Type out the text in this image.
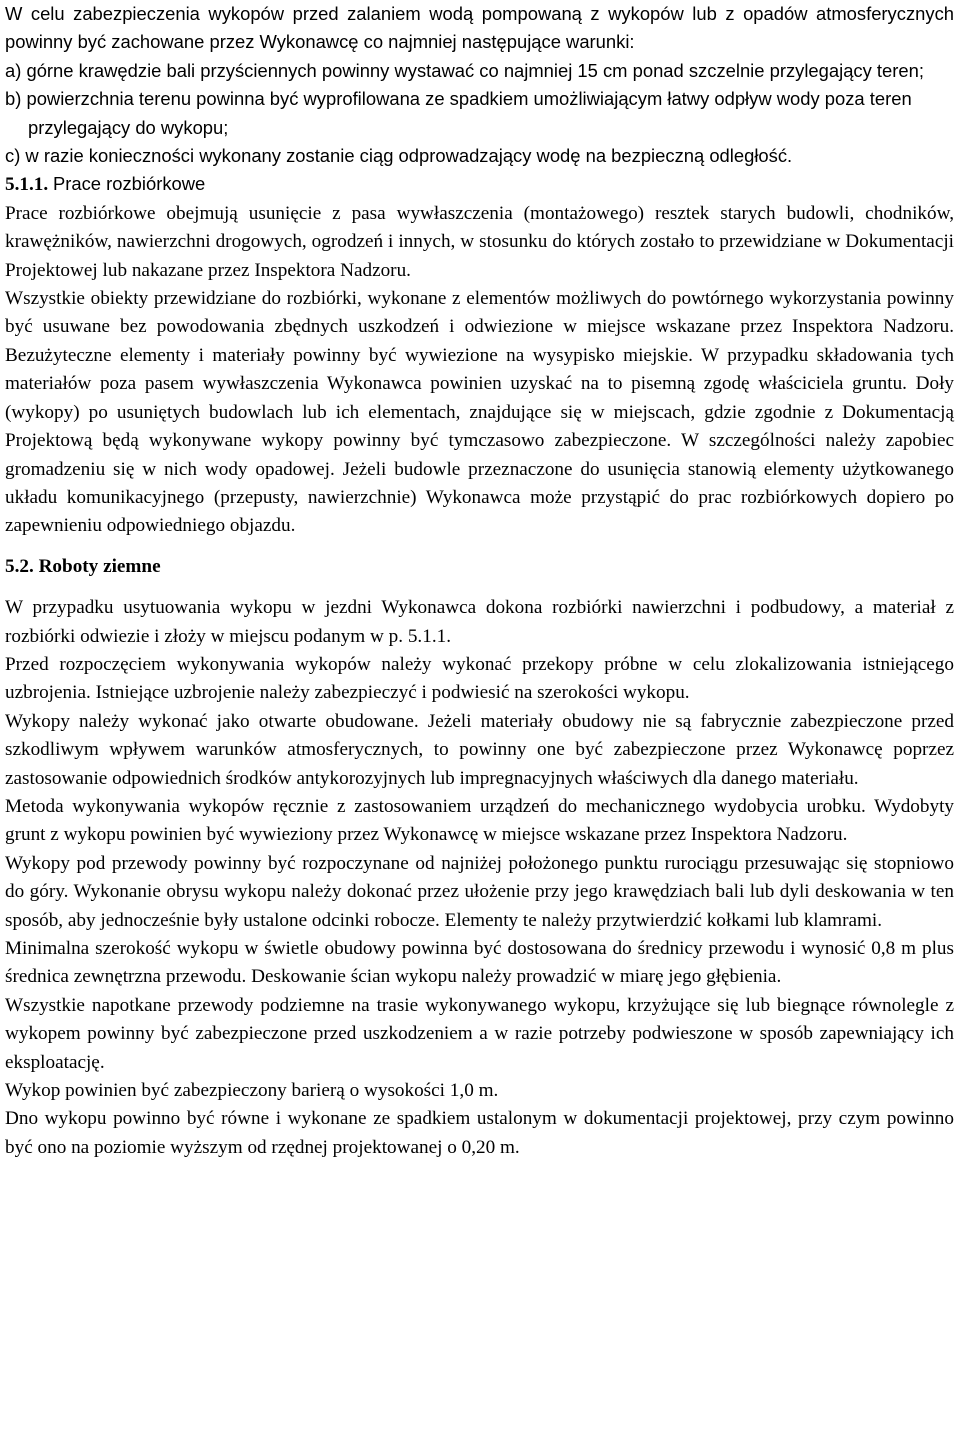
W celu zabezpieczenia wykopów przed zalaniem wodą pompowaną z wykopów lub z opadów atmosferycznych powinny być zachowane przez Wykonawcę co najmniej następujące warunki:

a) górne krawędzie bali przyściennych powinny wystawać co najmniej 15 cm ponad szczelnie przylegający teren;

b) powierzchnia terenu powinna być wyprofilowana ze spadkiem umożliwiającym łatwy odpływ wody poza teren przylegający do wykopu;

c) w razie konieczności wykonany zostanie ciąg odprowadzający wodę na bezpieczną odległość.

5.1.1. Prace rozbiórkowe

Prace rozbiórkowe obejmują usunięcie z pasa wywłaszczenia (montażowego) resztek starych budowli, chodników, krawężników, nawierzchni drogowych, ogrodzeń i innych, w stosunku do których zostało to przewidziane w Dokumentacji Projektowej lub nakazane przez Inspektora Nadzoru.

Wszystkie obiekty przewidziane do rozbiórki, wykonane z elementów możliwych do powtórnego wykorzystania powinny być usuwane bez powodowania zbędnych uszkodzeń i odwiezione w miejsce wskazane przez Inspektora Nadzoru. Bezużyteczne elementy i materiały powinny być wywiezione na wysypisko miejskie. W przypadku składowania tych materiałów poza pasem wywłaszczenia Wykonawca powinien uzyskać na to pisemną zgodę właściciela gruntu. Doły (wykopy) po usuniętych budowlach lub ich elementach, znajdujące się w miejscach, gdzie zgodnie z Dokumentacją Projektową będą wykonywane wykopy powinny być tymczasowo zabezpieczone. W szczególności należy zapobiec gromadzeniu się w nich wody opadowej. Jeżeli budowle przeznaczone do usunięcia stanowią elementy użytkowanego układu komunikacyjnego (przepusty, nawierzchnie) Wykonawca może przystąpić do prac rozbiórkowych dopiero po zapewnieniu odpowiedniego objazdu.

5.2. Roboty ziemne

W przypadku usytuowania wykopu w jezdni Wykonawca dokona rozbiórki nawierzchni i podbudowy, a materiał z rozbiórki odwiezie i złoży w miejscu podanym w p. 5.1.1.

Przed rozpoczęciem wykonywania wykopów należy wykonać przekopy próbne w celu zlokalizowania istniejącego uzbrojenia. Istniejące uzbrojenie należy zabezpieczyć i podwiesić na szerokości wykopu.

Wykopy należy wykonać jako otwarte obudowane. Jeżeli materiały obudowy nie są fabrycznie zabezpieczone przed szkodliwym wpływem warunków atmosferycznych, to powinny one być zabezpieczone przez Wykonawcę poprzez zastosowanie odpowiednich środków antykorozyjnych lub impregnacyjnych właściwych dla danego materiału.

Metoda wykonywania wykopów ręcznie z zastosowaniem urządzeń do mechanicznego wydobycia urobku. Wydobyty grunt z wykopu powinien być wywieziony przez Wykonawcę w miejsce wskazane przez Inspektora Nadzoru.

Wykopy pod przewody powinny być rozpoczynane od najniżej położonego punktu rurociągu przesuwając się stopniowo do góry. Wykonanie obrysu wykopu należy dokonać przez ułożenie przy jego krawędziach bali lub dyli deskowania w ten sposób, aby jednocześnie były ustalone odcinki robocze. Elementy te należy przytwierdzić kołkami lub klamrami.

Minimalna szerokość wykopu w świetle obudowy powinna być dostosowana do średnicy przewodu i wynosić 0,8 m plus średnica zewnętrzna przewodu. Deskowanie ścian wykopu należy prowadzić w miarę jego głębienia.

Wszystkie napotkane przewody podziemne na trasie wykonywanego wykopu, krzyżujące się lub biegnące równolegle z wykopem powinny być zabezpieczone przed uszkodzeniem a w razie potrzeby podwieszone w sposób zapewniający ich eksploatację.

Wykop powinien być zabezpieczony barierą o wysokości 1,0 m.

Dno wykopu powinno być równe i wykonane ze spadkiem ustalonym w dokumentacji projektowej, przy czym powinno być ono na poziomie wyższym od rzędnej projektowanej o 0,20 m.
